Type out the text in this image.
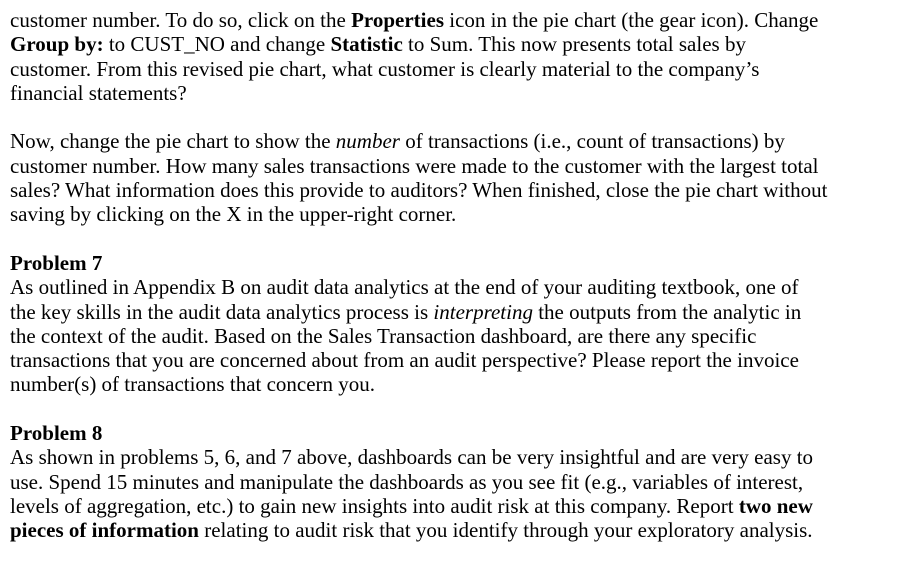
customer number. To do so, click on the Properties icon in the pie chart (the gear icon). Change
Group by: to CUST_NO and change Statistic to Sum. This now presents total sales by
customer. From this revised pie chart, what customer is clearly material to the company’s
financial statements?

Now, change the pie chart to show the number of transactions (i.e., count of transactions) by
customer number. How many sales transactions were made to the customer with the largest total
sales? What information does this provide to auditors? When finished, close the pie chart without
saving by clicking on the X in the upper-right corner.

Problem 7
As outlined in Appendix B on audit data analytics at the end of your auditing textbook, one of
the key skills in the audit data analytics process is interpreting the outputs from the analytic in
the context of the audit. Based on the Sales Transaction dashboard, are there any specific
transactions that you are concerned about from an audit perspective? Please report the invoice
number(s) of transactions that concern you.

Problem 8
As shown in problems 5, 6, and 7 above, dashboards can be very insightful and are very easy to
use. Spend 15 minutes and manipulate the dashboards as you see fit (e.g., variables of interest,
levels of aggregation, etc.) to gain new insights into audit risk at this company. Report two new
pieces of information relating to audit risk that you identify through your exploratory analysis.
